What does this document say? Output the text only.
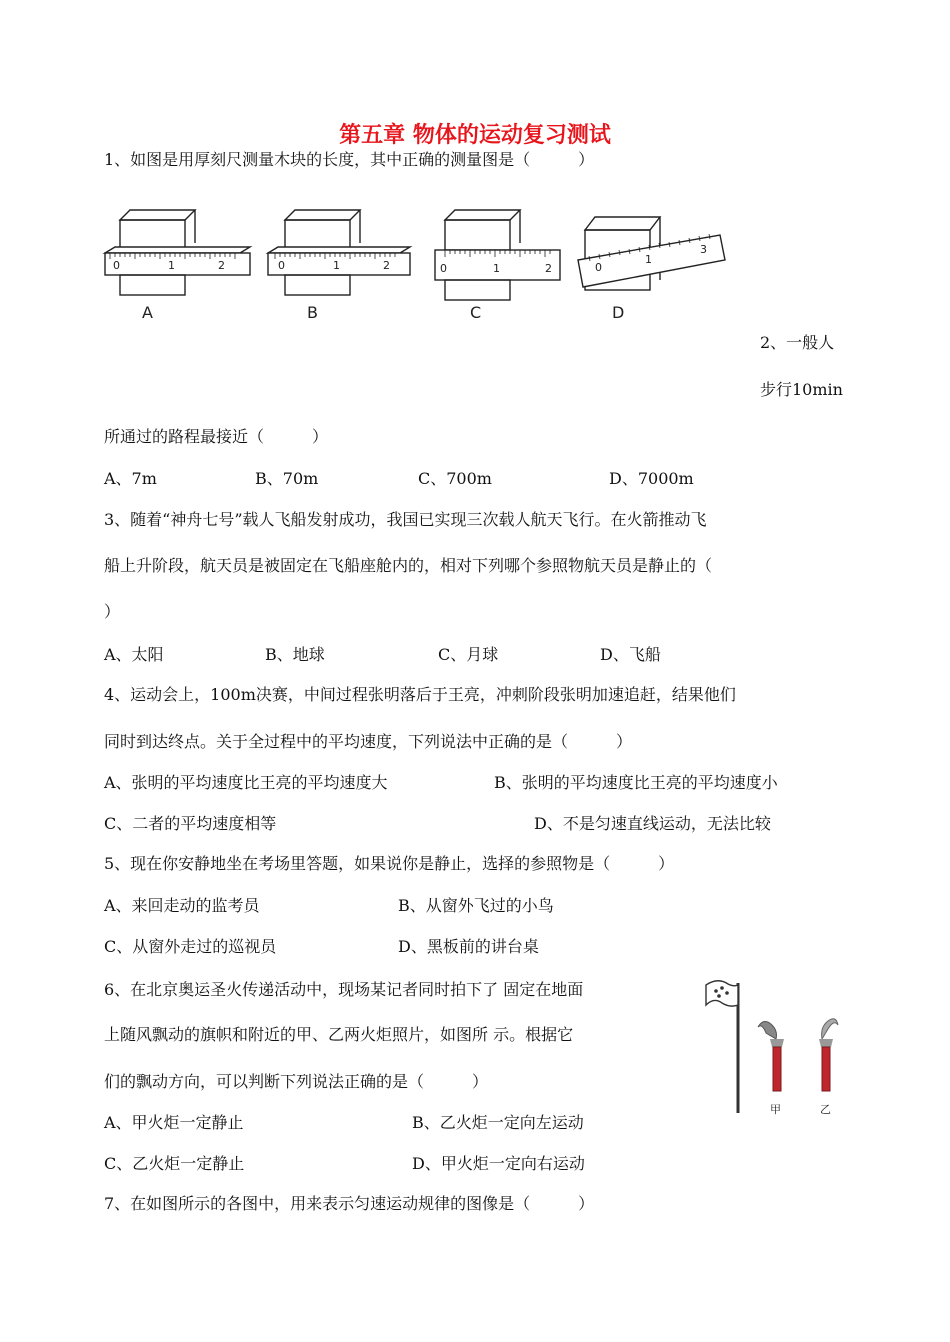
第五章 物体的运动复习测试
1、如图是用厚刻尺测量木块的长度，其中正确的测量图是（　　　）
0	1	2	0	1	2	0	1	2	0
1
3
A	B	C	D
2、一般人
步行10min
所通过的路程最接近（　　　）
A、7m	B、70m	C、700m	D、7000m
3、随着“神舟七号”载人飞船发射成功，我国已实现三次载人航天飞行。在火箭推动飞
船上升阶段，航天员是被固定在飞船座舱内的，相对下列哪个参照物航天员是静止的（
）
A、太阳	B、地球	C、月球	D、飞船
4、运动会上，100m决赛，中间过程张明落后于王亮，冲刺阶段张明加速追赶，结果他们
同时到达终点。关于全过程中的平均速度，下列说法中正确的是（　　　）
A、张明的平均速度比王亮的平均速度大	B、张明的平均速度比王亮的平均速度小
C、二者的平均速度相等	D、不是匀速直线运动，无法比较
5、现在你安静地坐在考场里答题，如果说你是静止，选择的参照物是（　　　）
A、来回走动的监考员	B、从窗外飞过的小鸟
C、从窗外走过的巡视员	D、黑板前的讲台桌
6、在北京奥运圣火传递活动中，现场某记者同时拍下了 固定在地面
上随风飘动的旗帜和附近的甲、乙两火炬照片，如图所 示。根据它
们的飘动方向，可以判断下列说法正确的是（　　　）
A、甲火炬一定静止	B、乙火炬一定向左运动
C、乙火炬一定静止	D、甲火炬一定向右运动
甲	乙
7、在如图所示的各图中，用来表示匀速运动规律的图像是（　　　）
